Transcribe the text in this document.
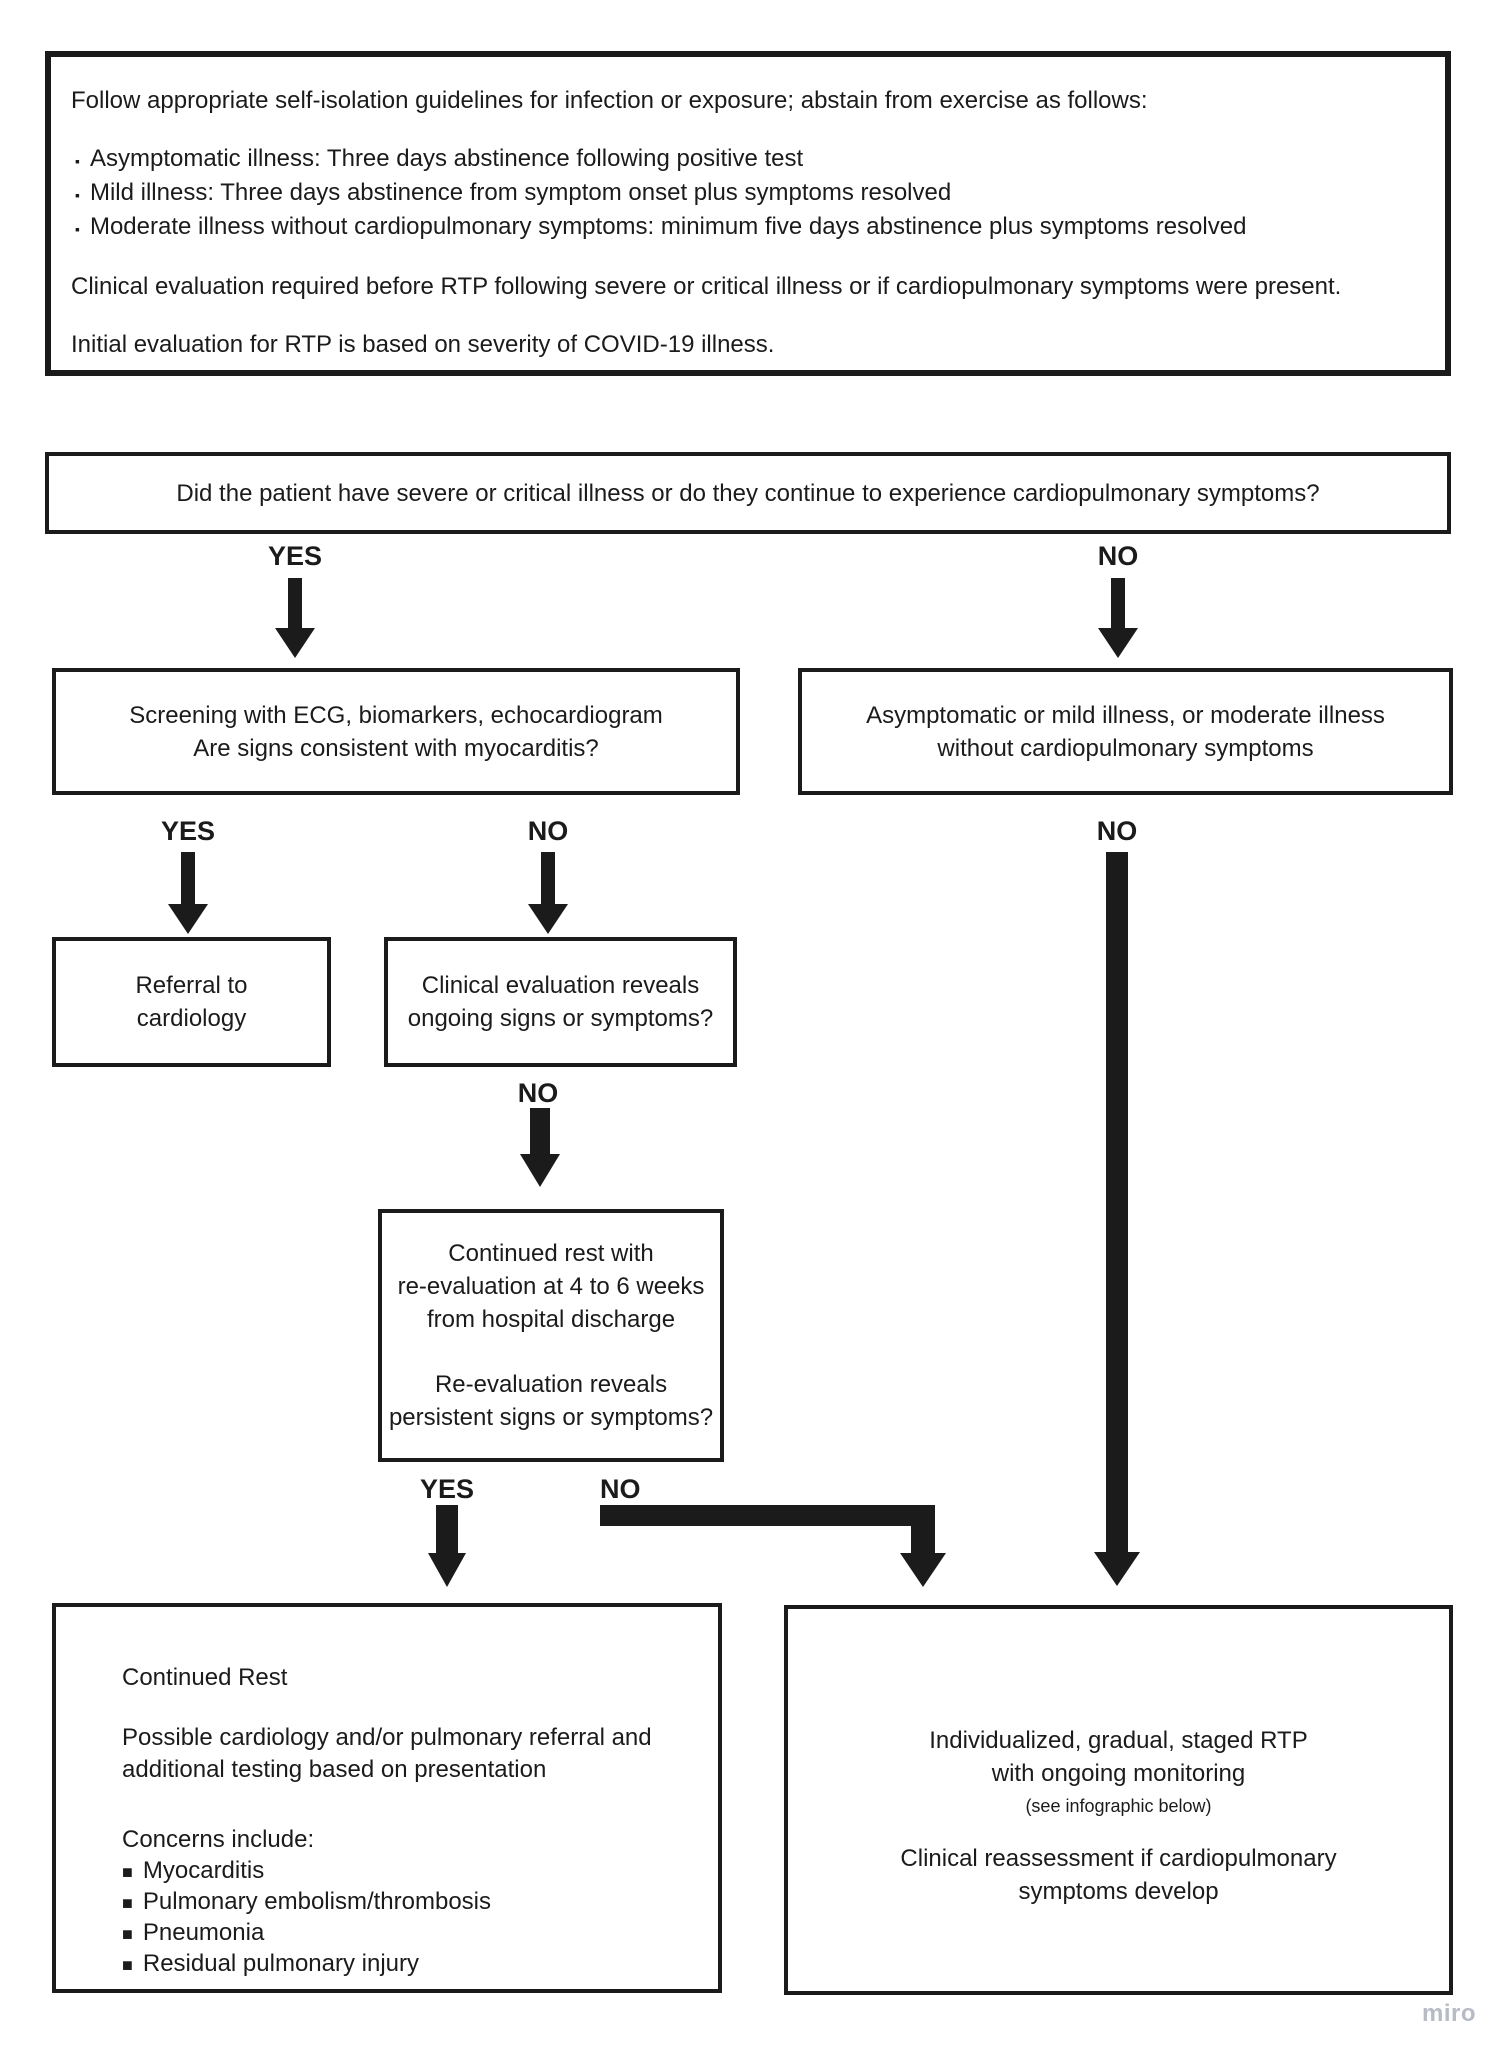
Follow appropriate self-isolation guidelines for infection or exposure; abstain from exercise as follows:

▪ Asymptomatic illness: Three days abstinence following positive test
▪ Mild illness: Three days abstinence from symptom onset plus symptoms resolved
▪ Moderate illness without cardiopulmonary symptoms: minimum five days abstinence plus symptoms resolved

Clinical evaluation required before RTP following severe or critical illness or if cardiopulmonary symptoms were present.

Initial evaluation for RTP is based on severity of COVID-19 illness.

Did the patient have severe or critical illness or do they continue to experience cardiopulmonary symptoms?
YES	NO
Screening with ECG, biomarkers, echocardiogram
Are signs consistent with myocarditis?
Asymptomatic or mild illness, or moderate illness
without cardiopulmonary symptoms
YES	NO	NO
Referral to
cardiology
Clinical evaluation reveals
ongoing signs or symptoms?
NO
Continued rest with
re-evaluation at 4 to 6 weeks
from hospital discharge
Re-evaluation reveals
persistent signs or symptoms?
YES	NO

Continued Rest

Possible cardiology and/or pulmonary referral and
additional testing based on presentation

Concerns include:

■ Myocarditis
■ Pulmonary embolism/thrombosis
■ Pneumonia
■ Residual pulmonary injury
Individualized, gradual, staged RTP
with ongoing monitoring
(see infographic below)
Clinical reassessment if cardiopulmonary
symptoms develop
miro
